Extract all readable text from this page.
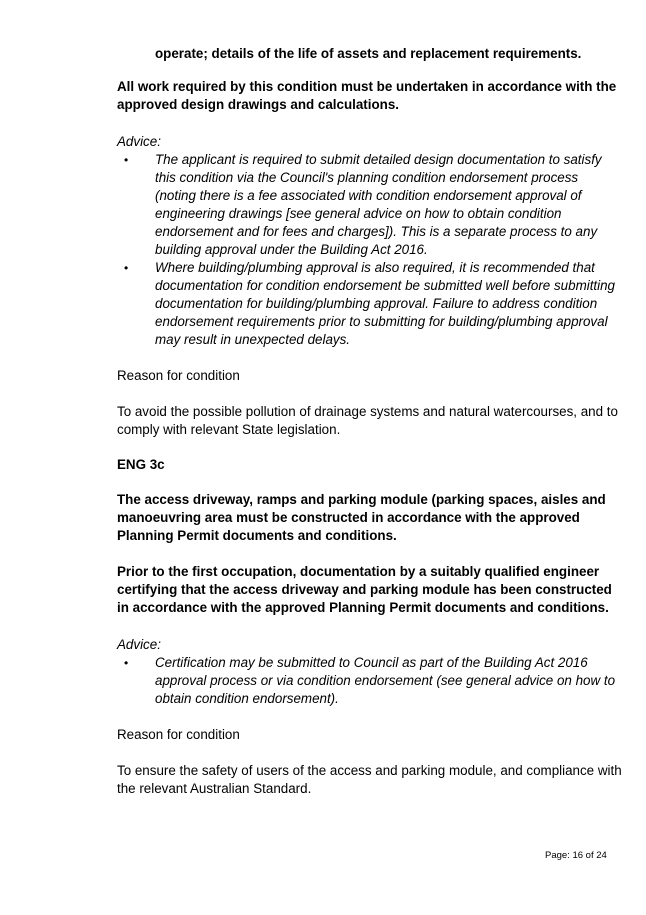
operate; details of the life of assets and replacement requirements.
All work required by this condition must be undertaken in accordance with the
approved design drawings and calculations.
Advice:
• The applicant is required to submit detailed design documentation to satisfy
this condition via the Council's planning condition endorsement process
(noting there is a fee associated with condition endorsement approval of
engineering drawings [see general advice on how to obtain condition
endorsement and for fees and charges]). This is a separate process to any
building approval under the Building Act 2016.
• Where building/plumbing approval is also required, it is recommended that
documentation for condition endorsement be submitted well before submitting
documentation for building/plumbing approval. Failure to address condition
endorsement requirements prior to submitting for building/plumbing approval
may result in unexpected delays.
Reason for condition
To avoid the possible pollution of drainage systems and natural watercourses, and to
comply with relevant State legislation.
ENG 3c
The access driveway, ramps and parking module (parking spaces, aisles and
manoeuvring area must be constructed in accordance with the approved
Planning Permit documents and conditions.
Prior to the first occupation, documentation by a suitably qualified engineer
certifying that the access driveway and parking module has been constructed
in accordance with the approved Planning Permit documents and conditions.
Advice:
• Certification may be submitted to Council as part of the Building Act 2016
approval process or via condition endorsement (see general advice on how to
obtain condition endorsement).
Reason for condition
To ensure the safety of users of the access and parking module, and compliance with
the relevant Australian Standard.
Page: 16 of 24
